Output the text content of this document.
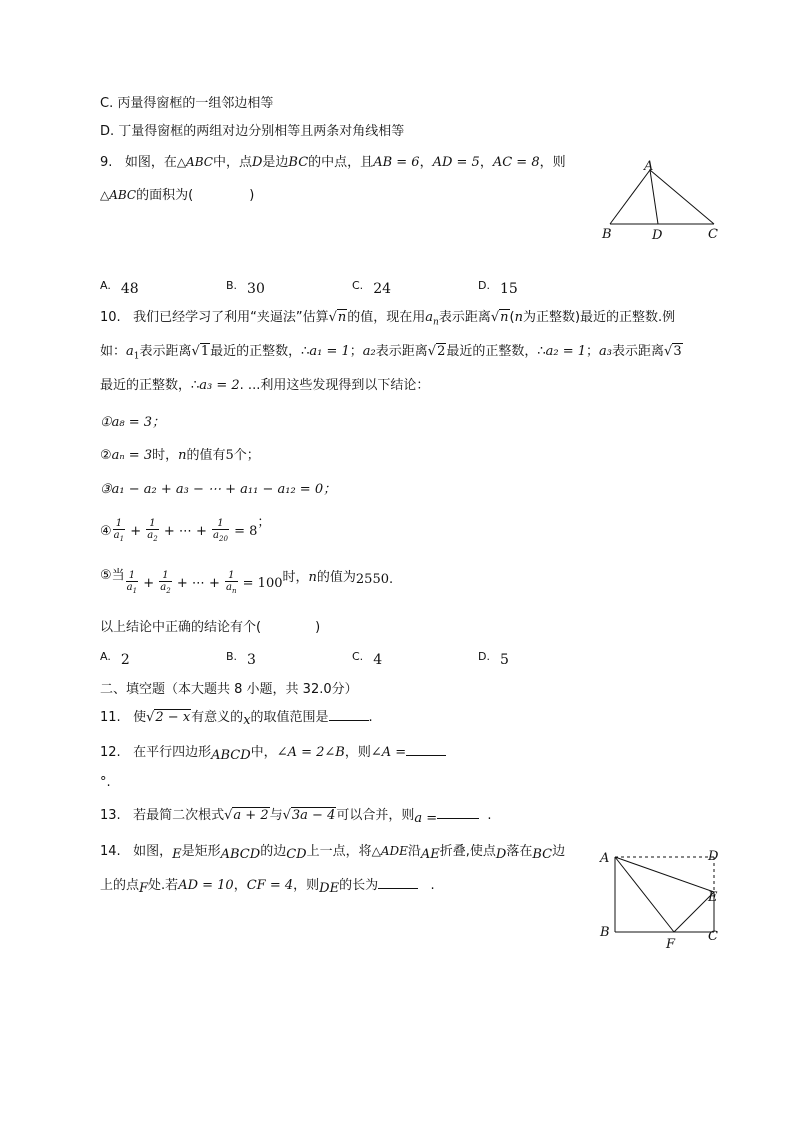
C. 丙量得窗框的一组邻边相等
D. 丁量得窗框的两组对边分别相等且两条对角线相等
9. 如图，在△ABC中，点D是边BC的中点，且AB = 6，AD = 5，AC = 8，则
△ABC的面积为(	)
A
B	D	C
A. 48	B. 30	C. 24	D. 15
10. 我们已经学习了利用“夹逼法”估算√n的值，现在用$a_n$表示距离√n(n为正整数)最近的正整数.例
如：$a_1$表示距离√1最近的正整数，∴a₁ = 1；a₂表示距离√2最近的正整数，∴a₂ = 1；a₃表示距离√3
最近的正整数，∴a₃ = 2. ...利用这些发现得到以下结论：
①a₈ = 3；
②aₙ = 3时，n的值有5个；
③a₁ − a₂ + a₃ − ⋯ + a₁₁ − a₁₂ = 0；
④ $\frac{1}{a_1} + \frac{1}{a_2}$ + ⋯ + $\frac{1}{a_{20}} = 8$；
⑤当 $\frac{1}{a_1} + \frac{1}{a_2}$ + ⋯ + $\frac{1}{a_n} = 100$时，n的值为2550.
以上结论中正确的结论有个(	)
A. 2	B. 3	C. 4	D. 5
二、填空题（本大题共 8 小题，共 32.0分）
11. 使√2 − x有意义的x的取值范围是	.
12. 在平行四边形ABCD中，∠A = 2∠B，则∠A =
°.
13. 若最简二次根式√a + 2与√3a − 4可以合并，则a =	.
14. 如图，E是矩形ABCD的边CD上一点，将△ADE沿AE折叠,使点D落在BC边
上的点F处.若AD = 10，CF = 4，则DE的长为	.
A	D
E
B
F
C
